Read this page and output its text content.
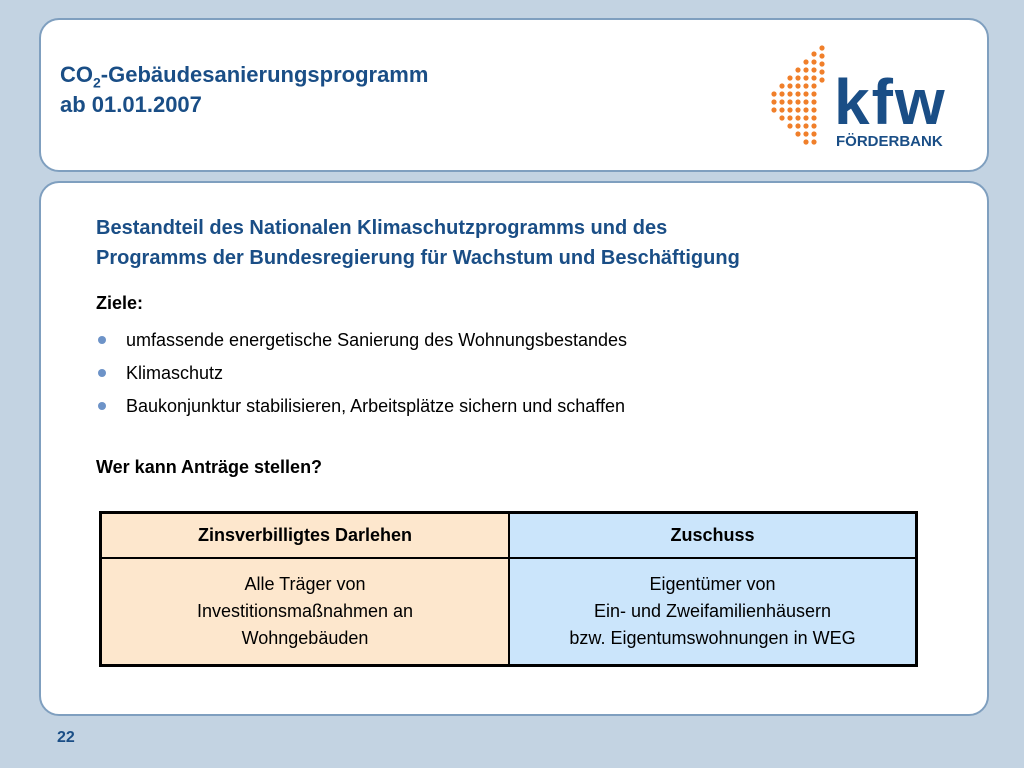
$CO_2$-Gebäudesanierungsprogramm
ab 01.01.2007	kfw
FÖRDERBANK
Bestandteil des Nationalen Klimaschutzprogramms und des
Programms der Bundesregierung für Wachstum und Beschäftigung
Ziele:
umfassende energetische Sanierung des Wohnungsbestandes
Klimaschutz
Baukonjunktur stabilisieren, Arbeitsplätze sichern und schaffen
Wer kann Anträge stellen?
Zinsverbilligtes Darlehen	Zuschuss
Alle Träger von
Investitionsmaßnahmen an
Wohngebäuden
Eigentümer von
Ein- und Zweifamilienhäusern
bzw. Eigentumswohnungen in WEG
22
